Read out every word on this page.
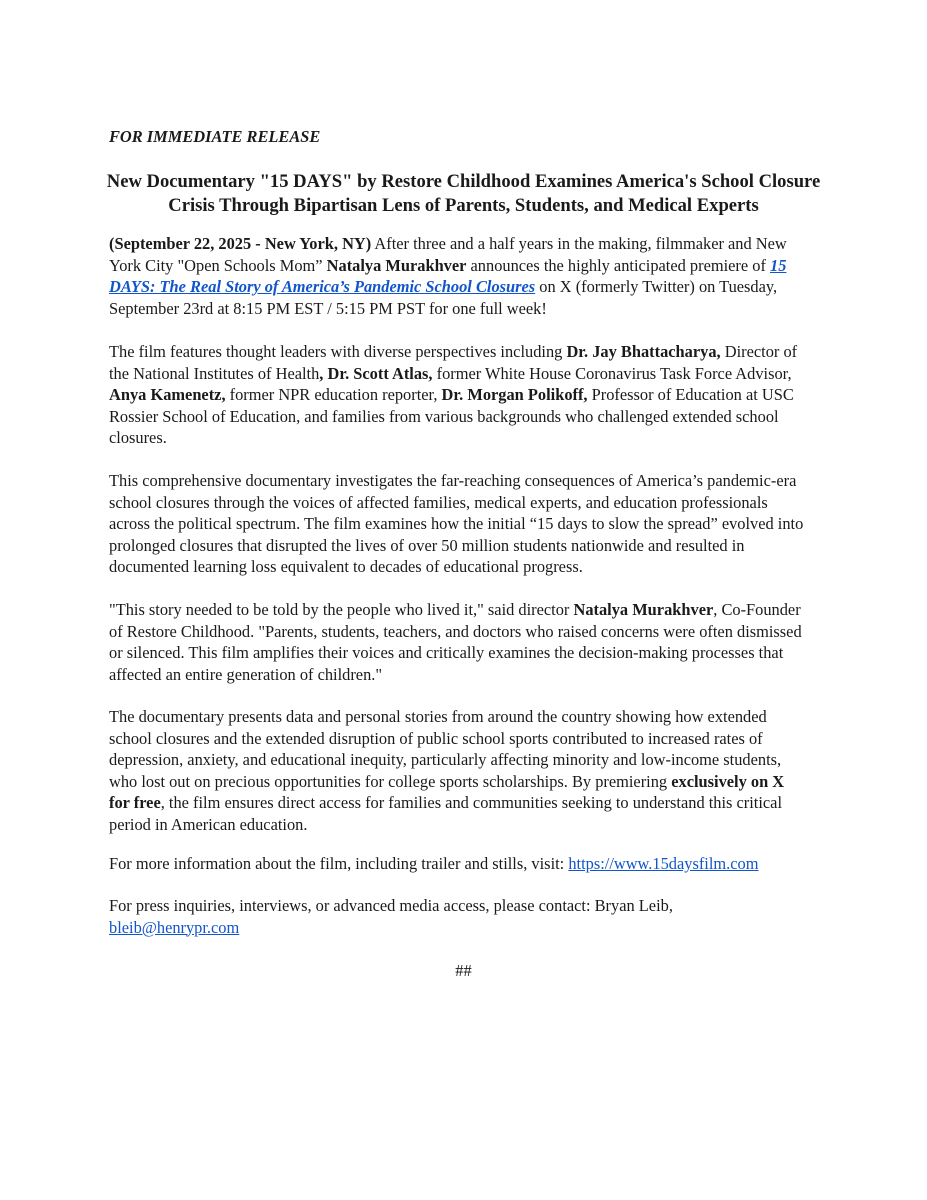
FOR IMMEDIATE RELEASE
New Documentary "15 DAYS" by Restore Childhood Examines America's School Closure
Crisis Through Bipartisan Lens of Parents, Students, and Medical Experts
(September 22, 2025 - New York, NY) After three and a half years in the making, filmmaker and New
York City "Open Schools Mom” Natalya Murakhver announces the highly anticipated premiere of 15
DAYS: The Real Story of America’s Pandemic School Closures on X (formerly Twitter) on Tuesday,
September 23rd at 8:15 PM EST / 5:15 PM PST for one full week!
The film features thought leaders with diverse perspectives including Dr. Jay Bhattacharya, Director of
the National Institutes of Health, Dr. Scott Atlas, former White House Coronavirus Task Force Advisor,
Anya Kamenetz, former NPR education reporter, Dr. Morgan Polikoff, Professor of Education at USC
Rossier School of Education, and families from various backgrounds who challenged extended school
closures.
This comprehensive documentary investigates the far-reaching consequences of America’s pandemic-era
school closures through the voices of affected families, medical experts, and education professionals
across the political spectrum. The film examines how the initial “15 days to slow the spread” evolved into
prolonged closures that disrupted the lives of over 50 million students nationwide and resulted in
documented learning loss equivalent to decades of educational progress.
"This story needed to be told by the people who lived it," said director Natalya Murakhver, Co-Founder
of Restore Childhood. "Parents, students, teachers, and doctors who raised concerns were often dismissed
or silenced. This film amplifies their voices and critically examines the decision-making processes that
affected an entire generation of children."
The documentary presents data and personal stories from around the country showing how extended
school closures and the extended disruption of public school sports contributed to increased rates of
depression, anxiety, and educational inequity, particularly affecting minority and low-income students,
who lost out on precious opportunities for college sports scholarships. By premiering exclusively on X
for free, the film ensures direct access for families and communities seeking to understand this critical
period in American education.
For more information about the film, including trailer and stills, visit: https://www.15daysfilm.com
For press inquiries, interviews, or advanced media access, please contact: Bryan Leib,
bleib@henrypr.com
##
